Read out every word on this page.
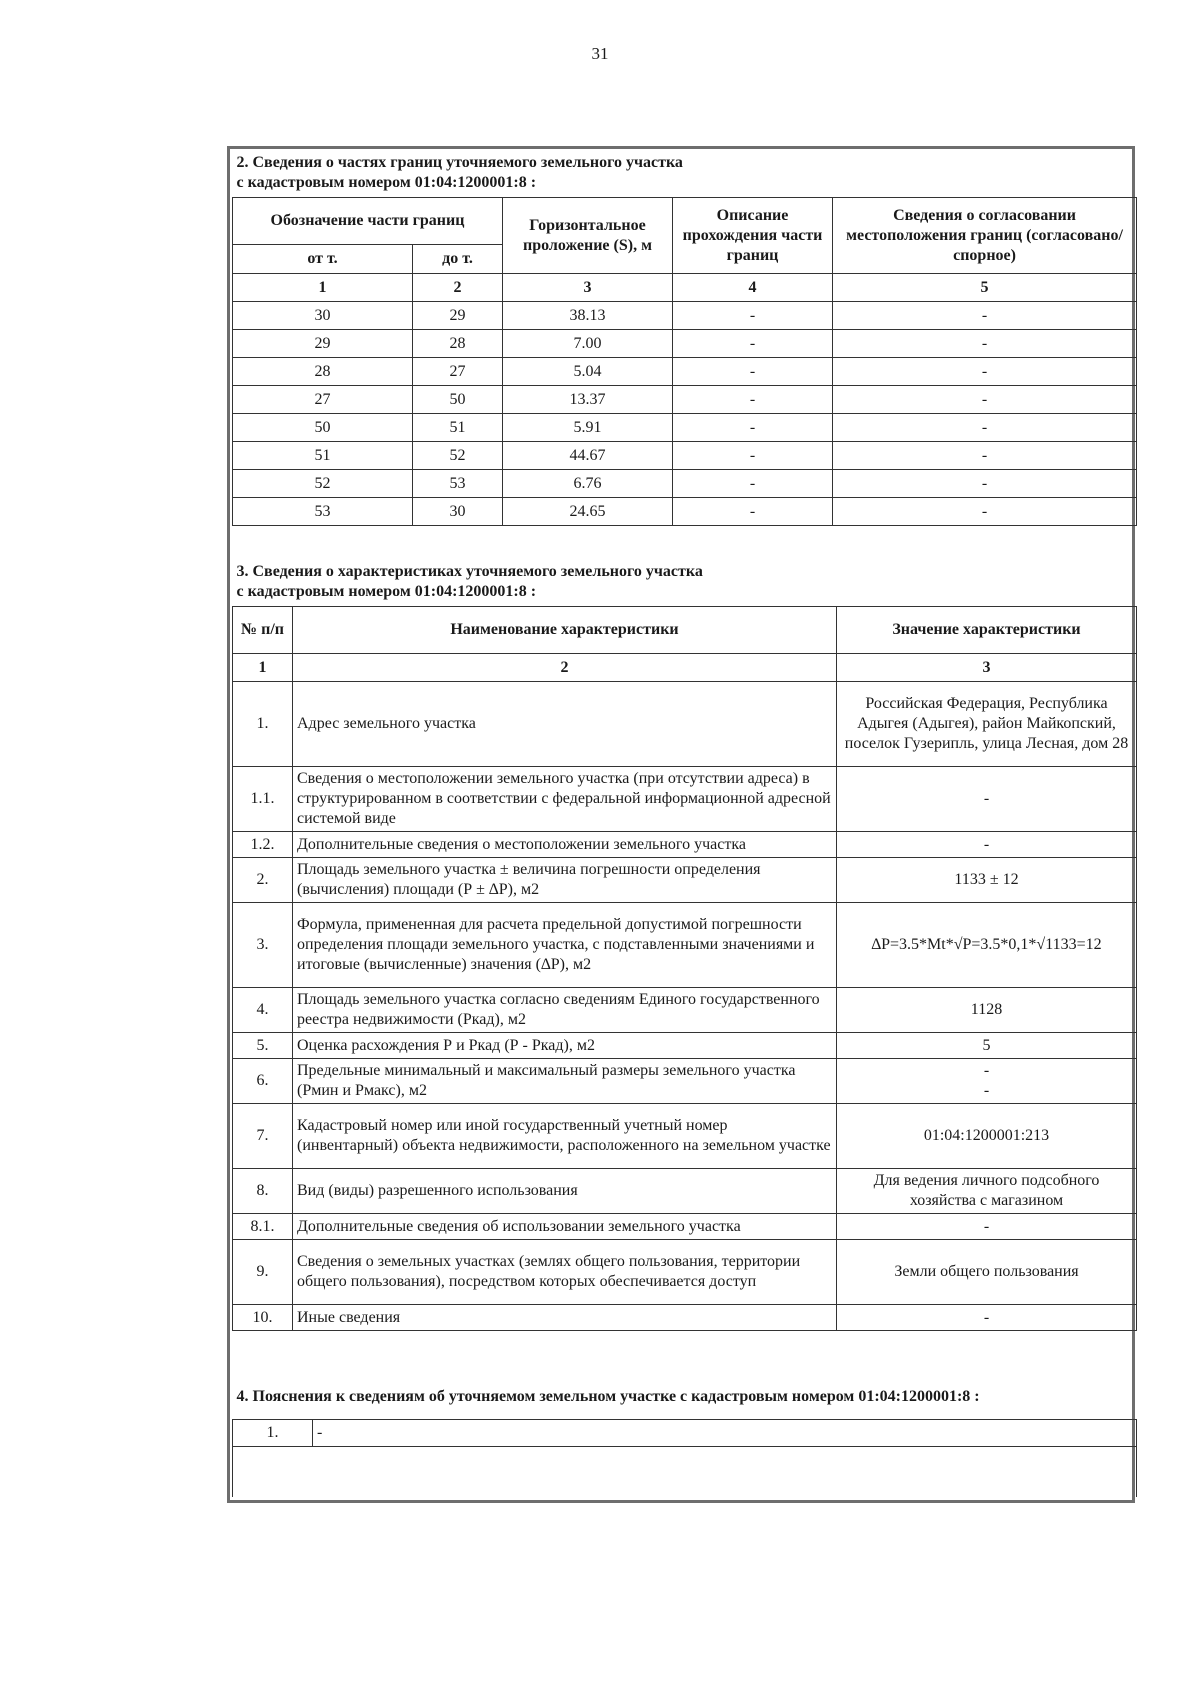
31
2. Сведения о частях границ уточняемого земельного участка
с кадастровым номером 01:04:1200001:8 :				
Обозначение части границ		Горизонтальное проложение (S), м	Описание прохождения части границ	Сведения о согласовании местоположения границ (согласовано/спорное)
от т.	до т.			
1	2	3	4	5
30	29	38.13	-	-
29	28	7.00	-	-
28	27	5.04	-	-
27	50	13.37	-	-
50	51	5.91	-	-
51	52	44.67	-	-
52	53	6.76	-	-
53	30	24.65	-	-
3. Сведения о характеристиках уточняемого земельного участка
с кадастровым номером 01:04:1200001:8 :		
№ п/п	Наименование характеристики	Значение характеристики
1	2	3
1.	Адрес земельного участка	Российская Федерация, Республика Адыгея (Адыгея), район Майкопский, поселок Гузерипль, улица Лесная, дом 28
1.1.	Сведения о местоположении земельного участка (при отсутствии адреса) в структурированном в соответствии с федеральной информационной адресной системой виде	-
1.2.	Дополнительные сведения о местоположении земельного участка	-
2.	Площадь земельного участка ± величина погрешности определения (вычисления) площади (Р ± ∆Р), м2	1133 ± 12
3.	Формула, примененная для расчета предельной допустимой погрешности определения площади земельного участка, с подставленными значениями и итоговые (вычисленные) значения (∆Р), м2	∆Р=3.5*Mt*√Р=3.5*0,1*√1133=12
4.	Площадь земельного участка согласно сведениям Единого государственного реестра недвижимости (Ркад), м2	1128
5.	Оценка расхождения Р и Ркад (Р - Ркад), м2	5
6.	Предельные минимальный и максимальный размеры земельного участка (Рмин и Рмакс), м2	-
-
7.	Кадастровый номер или иной государственный учетный номер (инвентарный) объекта недвижимости, расположенного на земельном участке	01:04:1200001:213
8.	Вид (виды) разрешенного использования	Для ведения личного подсобного хозяйства с магазином
8.1.	Дополнительные сведения об использовании земельного участка	-
9.	Сведения о земельных участках (землях общего пользования, территории общего пользования), посредством которых обеспечивается доступ	Земли общего пользования
10.	Иные сведения	-
4. Пояснения к сведениям об уточняемом земельном участке с кадастровым номером 01:04:1200001:8 :
1.	-
